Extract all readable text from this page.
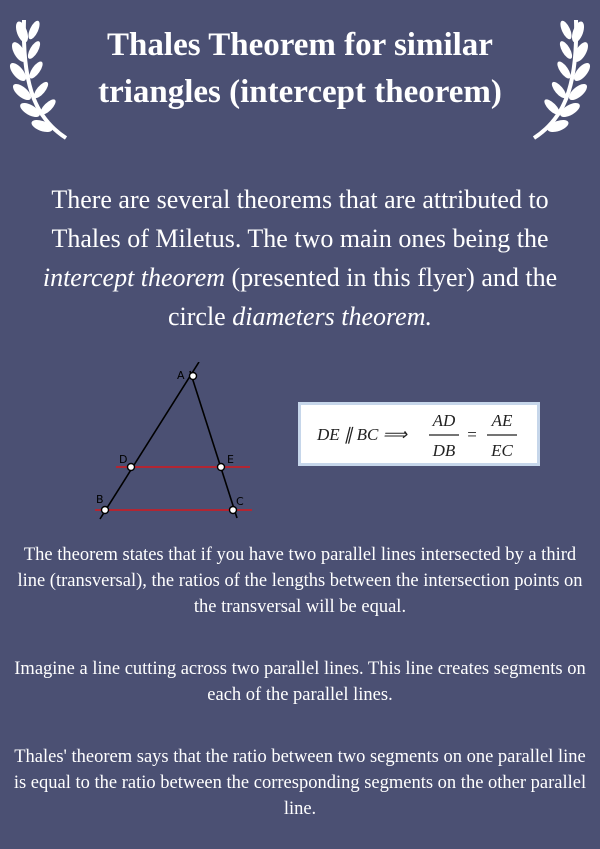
Thales Theorem for similar triangles (intercept theorem)
There are several theorems that are attributed to Thales of Miletus. The two main ones being the intercept theorem (presented in this flyer) and the circle diameters theorem.
A
D	E
B	C
DE ∥ BC ⟹
AD
DB
=
AE
EC
The theorem states that if you have two parallel lines intersected by a third line (transversal), the ratios of the lengths between the intersection points on the transversal will be equal.
Imagine a line cutting across two parallel lines. This line creates segments on each of the parallel lines.
Thales' theorem says that the ratio between two segments on one parallel line is equal to the ratio between the corresponding segments on the other parallel line.
